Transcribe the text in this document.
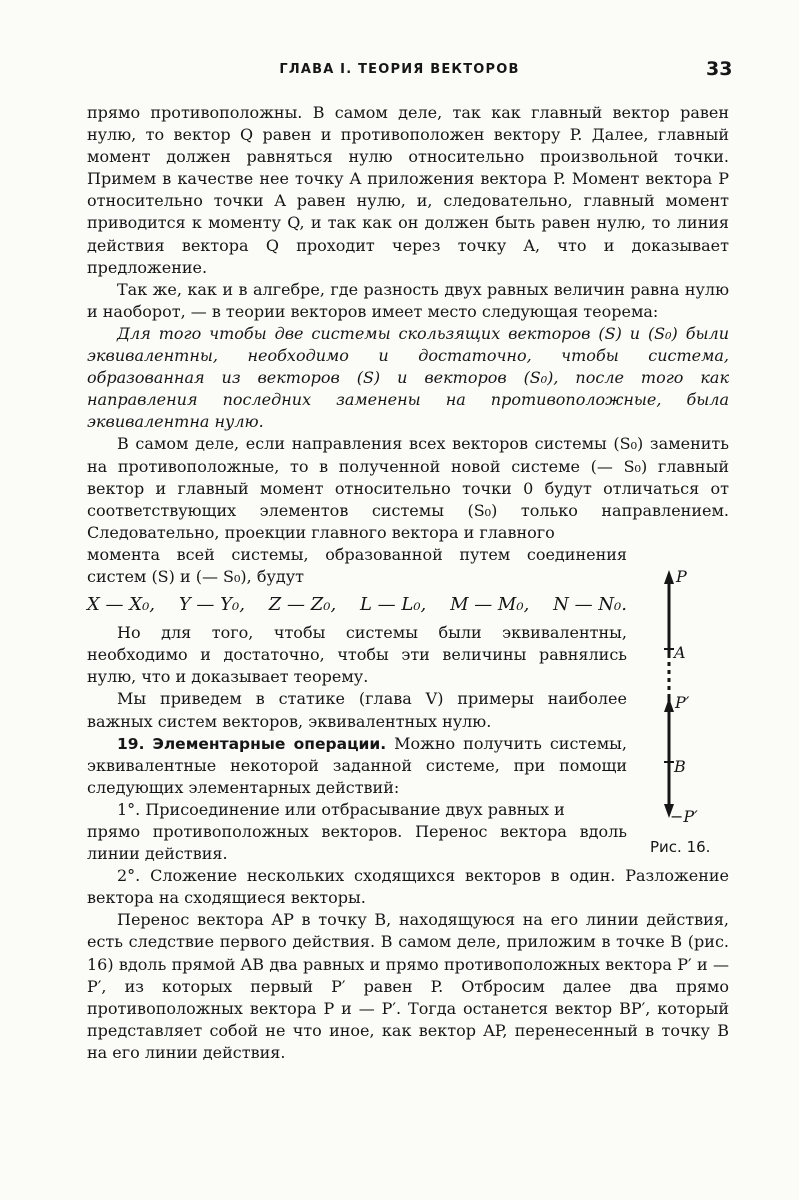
ГЛАВА I. ТЕОРИЯ ВЕКТОРОВ	33

прямо противоположны. В самом деле, так как главный вектор равен нулю, то вектор Q равен и противоположен вектору P. Далее, главный момент должен равняться нулю относительно произвольной точки. Примем в качестве нее точку A приложения вектора P. Момент вектора P относительно точки A равен нулю, и, следовательно, главный момент приводится к моменту Q, и так как он должен быть равен нулю, то линия действия вектора Q проходит через точку A, что и доказывает предложение.

Так же, как и в алгебре, где разность двух равных величин равна нулю и наоборот, — в теории векторов имеет место следующая теорема:

Для того чтобы две системы скользящих векторов (S) и (S₀) были эквивалентны, необходимо и достаточно, чтобы система, образованная из векторов (S) и векторов (S₀), после того как направления последних заменены на противоположные, была эквивалентна нулю.

В самом деле, если направления всех векторов системы (S₀) заменить на противоположные, то в полученной новой системе (— S₀) главный вектор и главный момент относительно точки 0 будут отличаться от соответствующих элементов системы (S₀) только направлением. Следовательно, проекции главного вектора и главного

момента всей системы, образованной путем соединения систем (S) и (— S₀), будут

X — X₀, Y — Y₀, Z — Z₀, L — L₀, M — M₀, N — N₀.

Но для того, чтобы системы были эквивалентны, необходимо и достаточно, чтобы эти величины равнялись нулю, что и доказывает теорему.

Мы приведем в статике (глава V) примеры наиболее важных систем векторов, эквивалентных нулю.

19. Элементарные операции. Можно получить системы, эквивалентные некоторой заданной системе, при помощи следующих элементарных действий:

1°. Присоединение или отбрасывание двух равных и

прямо противоположных векторов. Перенос вектора вдоль линии действия.

2°. Сложение нескольких сходящихся векторов в один. Разложение вектора на сходящиеся векторы.

Перенос вектора AP в точку B, находящуюся на его линии действия, есть следствие первого действия. В самом деле, приложим в точке B (рис. 16) вдоль прямой AB два равных и прямо противоположных вектора P′ и — P′, из которых первый P′ равен P. Отбросим далее два прямо противоположных вектора P и — P′. Тогда останется вектор BP′, который представляет собой не что иное, как вектор AP, перенесенный в точку B на его линии действия.

P
A
P′
B
−P′
Рис. 16.
